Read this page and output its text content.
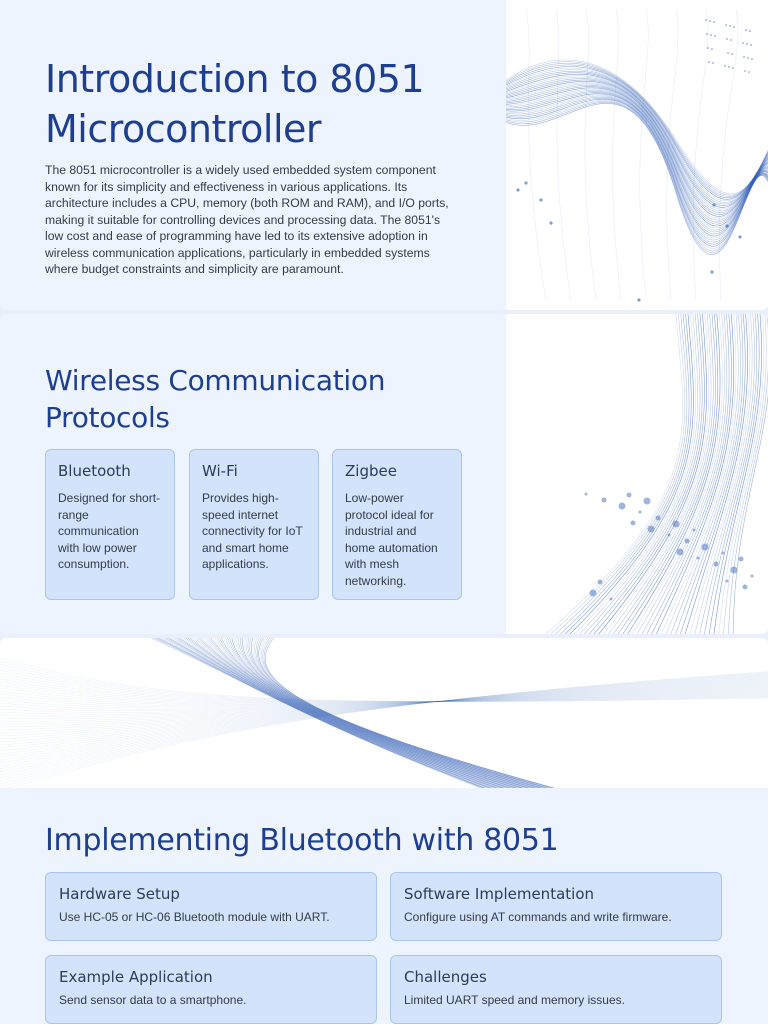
Introduction to 8051 Microcontroller

The 8051 microcontroller is a widely used embedded system component known for its simplicity and effectiveness in various applications. Its architecture includes a CPU, memory (both ROM and RAM), and I/O ports, making it suitable for controlling devices and processing data. The 8051's low cost and ease of programming have led to its extensive adoption in wireless communication applications, particularly in embedded systems where budget constraints and simplicity are paramount.

Wireless Communication Protocols
Bluetooth
Designed for short-range communication with low power consumption.
Wi-Fi
Provides high-speed internet connectivity for IoT and smart home applications.
Zigbee
Low-power protocol ideal for industrial and home automation with mesh networking.
Implementing Bluetooth with 8051
Hardware Setup
Use HC-05 or HC-06 Bluetooth module with UART.
Software Implementation
Configure using AT commands and write firmware.
Example Application
Send sensor data to a smartphone.
Challenges
Limited UART speed and memory issues.
